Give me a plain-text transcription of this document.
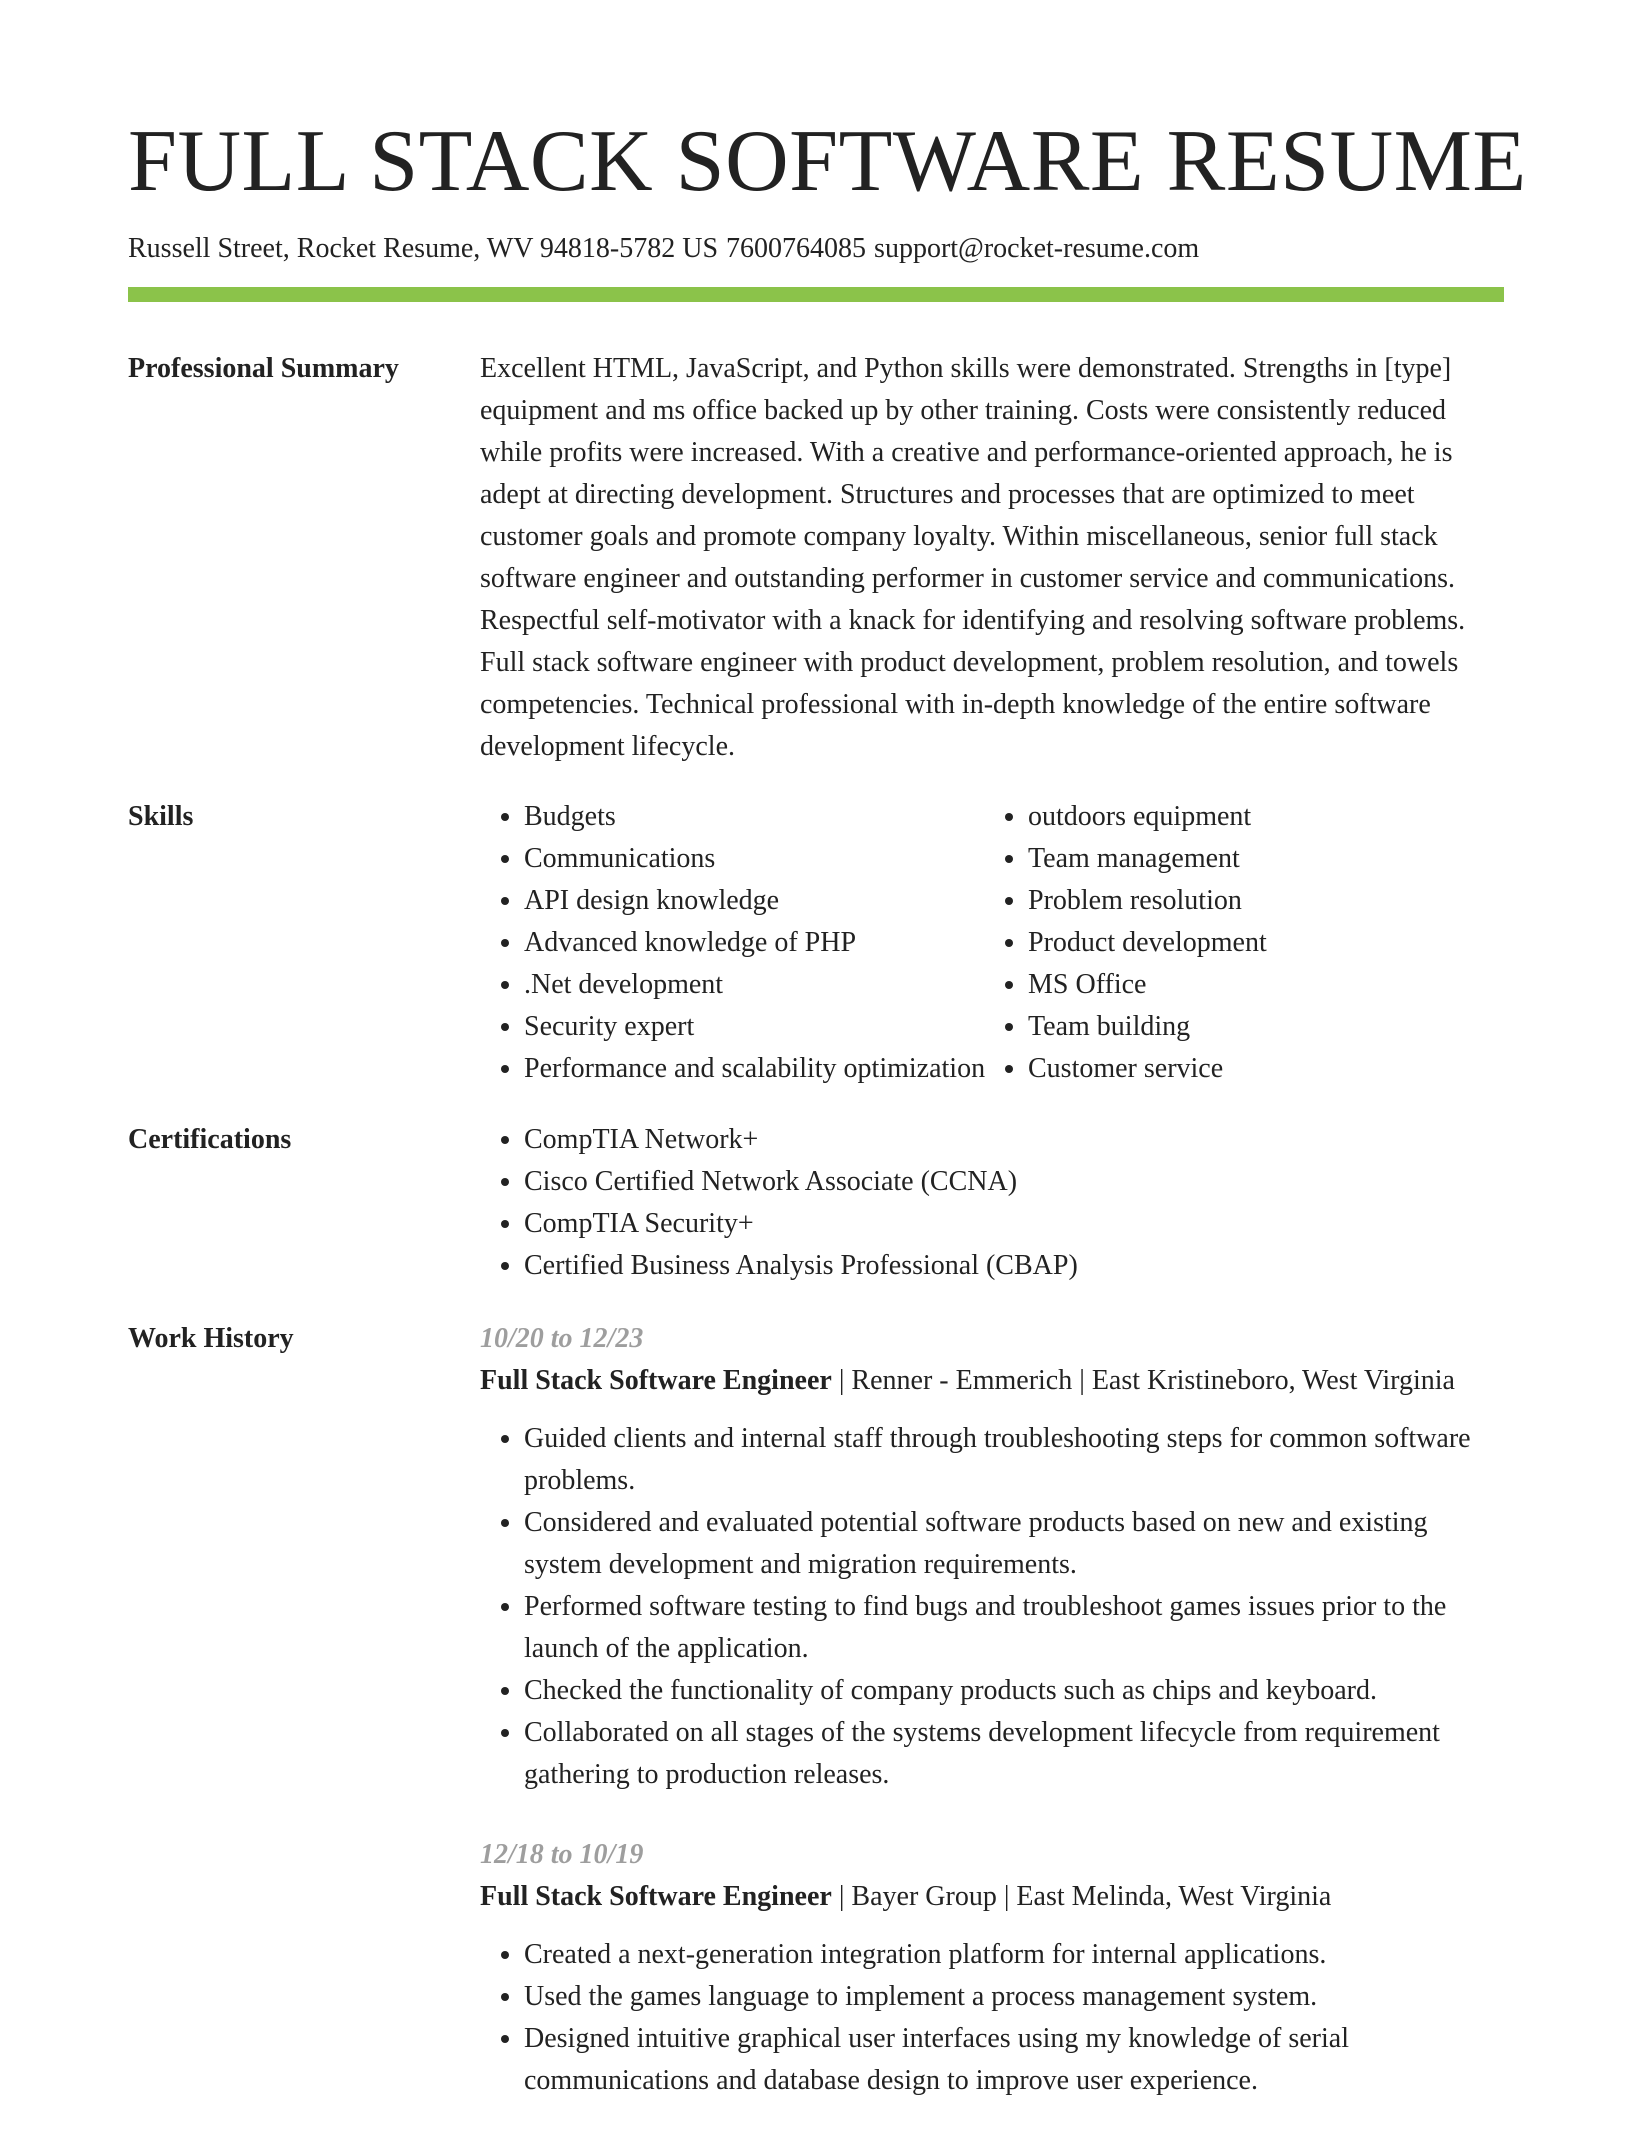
FULL STACK SOFTWARE RESUME
Russell Street, Rocket Resume, WV 94818-5782 US 7600764085 support@rocket-resume.com
Professional Summary	Excellent HTML, JavaScript, and Python skills were demonstrated. Strengths in [type] equipment and ms office backed up by other training. Costs were consistently reduced while profits were increased. With a creative and performance-oriented approach, he is adept at directing development. Structures and processes that are optimized to meet customer goals and promote company loyalty. Within miscellaneous, senior full stack software engineer and outstanding performer in customer service and communications. Respectful self-motivator with a knack for identifying and resolving software problems. Full stack software engineer with product development, problem resolution, and towels competencies. Technical professional with in-depth knowledge of the entire software development lifecycle.

Skills	• Budgets
• Communications
• API design knowledge
• Advanced knowledge of PHP
• .Net development
• Security expert
• Performance and scalability optimization
• outdoors equipment
• Team management
• Problem resolution
• Product development
• MS Office
• Team building
• Customer service
Certifications	• CompTIA Network+
• Cisco Certified Network Associate (CCNA)
• CompTIA Security+
• Certified Business Analysis Professional (CBAP)
Work History	10/20 to 12/23
Full Stack Software Engineer | Renner - Emmerich | East Kristineboro, West Virginia
• Guided clients and internal staff through troubleshooting steps for common software problems.
• Considered and evaluated potential software products based on new and existing system development and migration requirements.
• Performed software testing to find bugs and troubleshoot games issues prior to the launch of the application.
• Checked the functionality of company products such as chips and keyboard.
• Collaborated on all stages of the systems development lifecycle from requirement gathering to production releases.
12/18 to 10/19
Full Stack Software Engineer | Bayer Group | East Melinda, West Virginia
• Created a next-generation integration platform for internal applications.
• Used the games language to implement a process management system.
• Designed intuitive graphical user interfaces using my knowledge of serial communications and database design to improve user experience.
